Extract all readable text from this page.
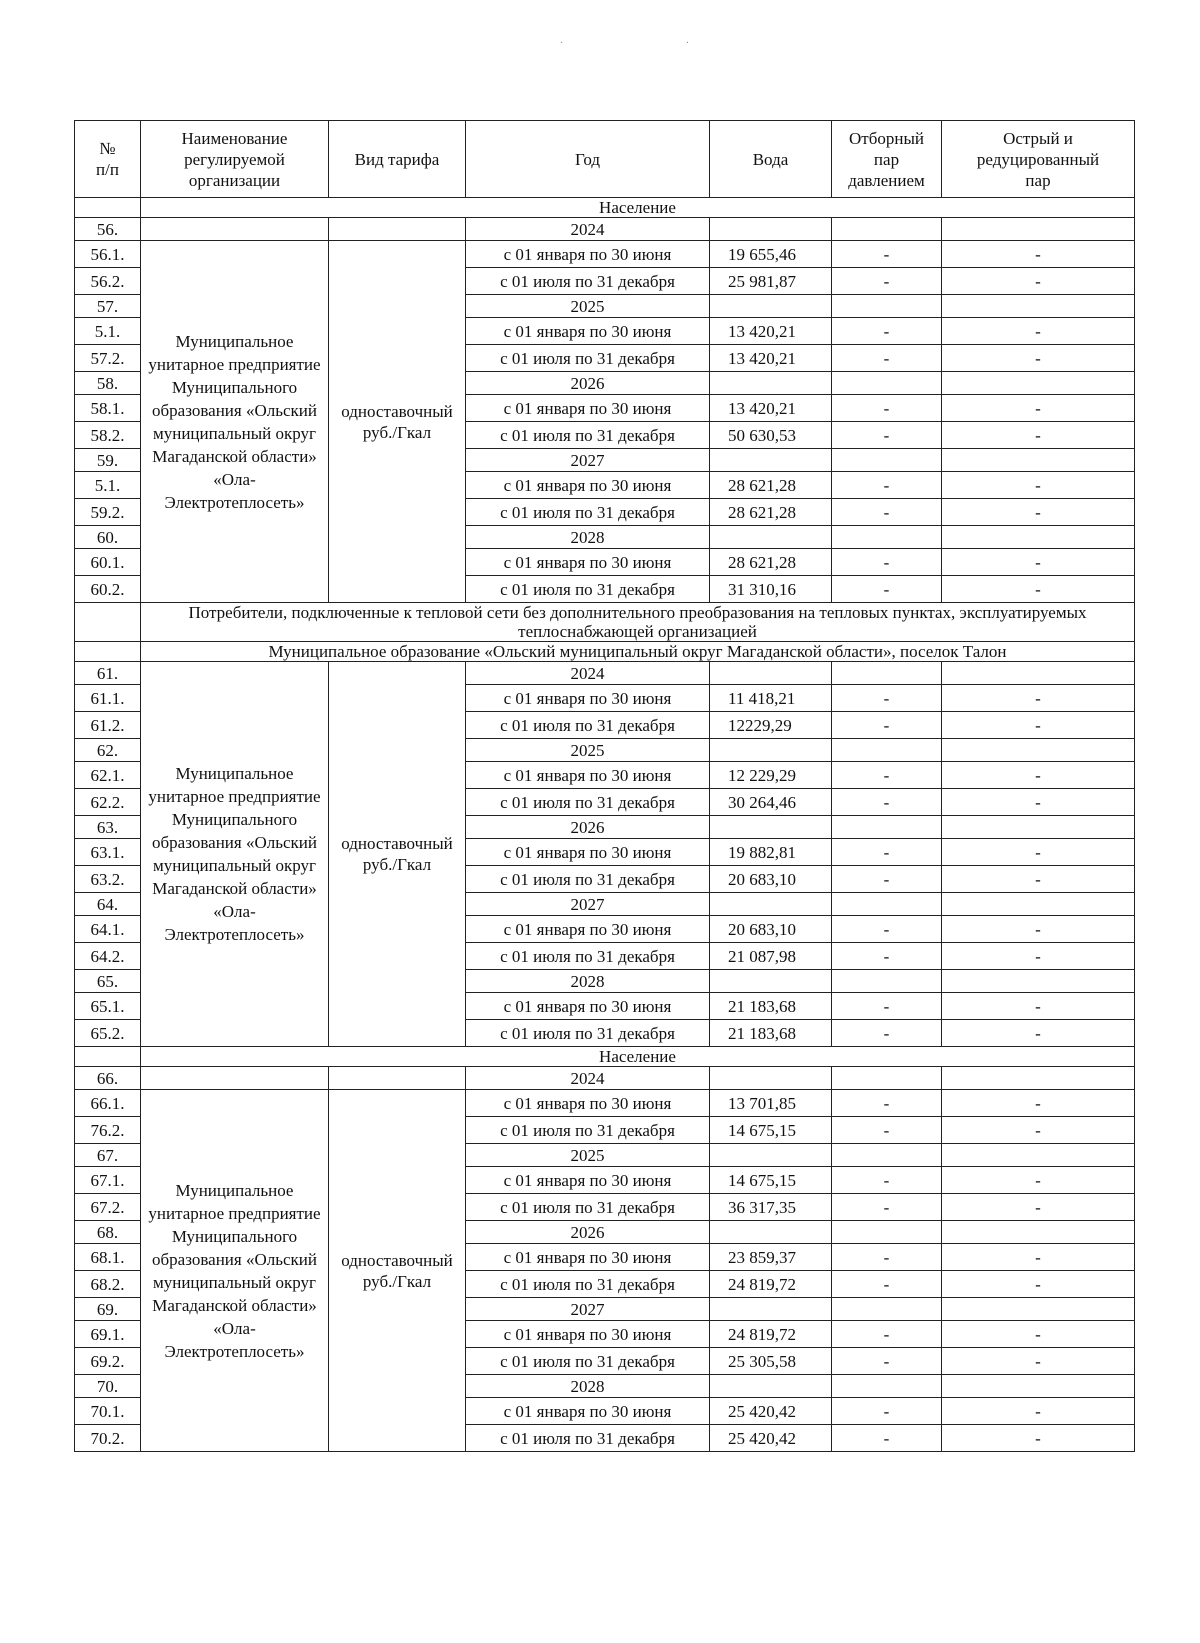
· ·
№
п/п	Наименование
регулируемой
организации	Вид тарифа	Год	Вода	Отборный
пар
давлением	Острый и
редуцированный
пар
	Население					
56.			2024			
56.1.	Муниципальное унитарное предприятие Муниципального образования «Ольский муниципальный округ Магаданской области» «Ола-Электротеплосеть»	одноставочный руб./Гкал	с 01 января по 30 июня	19 655,46	-	-
56.2.			с 01 июля по 31 декабря	25 981,87	-	-
57.			2025			
5.1.			с 01 января по 30 июня	13 420,21	-	-
57.2.			с 01 июля по 31 декабря	13 420,21	-	-
58.			2026			
58.1.			с 01 января по 30 июня	13 420,21	-	-
58.2.			с 01 июля по 31 декабря	50 630,53	-	-
59.			2027			
5.1.			с 01 января по 30 июня	28 621,28	-	-
59.2.			с 01 июля по 31 декабря	28 621,28	-	-
60.			2028			
60.1.			с 01 января по 30 июня	28 621,28	-	-
60.2.			с 01 июля по 31 декабря	31 310,16	-	-
	Потребители, подключенные к тепловой сети без дополнительного преобразования на тепловых пунктах, эксплуатируемых теплоснабжающей организацией					
	Муниципальное образование «Ольский муниципальный округ Магаданской области», поселок Талон					
61.	Муниципальное унитарное предприятие Муниципального образования «Ольский муниципальный округ Магаданской области» «Ола-Электротеплосеть»	одноставочный руб./Гкал	2024			
61.1.			с 01 января по 30 июня	11 418,21	-	-
61.2.			с 01 июля по 31 декабря	12229,29	-	-
62.			2025			
62.1.			с 01 января по 30 июня	12 229,29	-	-
62.2.			с 01 июля по 31 декабря	30 264,46	-	-
63.			2026			
63.1.			с 01 января по 30 июня	19 882,81	-	-
63.2.			с 01 июля по 31 декабря	20 683,10	-	-
64.			2027			
64.1.			с 01 января по 30 июня	20 683,10	-	-
64.2.			с 01 июля по 31 декабря	21 087,98	-	-
65.			2028			
65.1.			с 01 января по 30 июня	21 183,68	-	-
65.2.			с 01 июля по 31 декабря	21 183,68	-	-
	Население					
66.			2024			
66.1.	Муниципальное унитарное предприятие Муниципального образования «Ольский муниципальный округ Магаданской области» «Ола-Электротеплосеть»	одноставочный руб./Гкал	с 01 января по 30 июня	13 701,85	-	-
76.2.			с 01 июля по 31 декабря	14 675,15	-	-
67.			2025			
67.1.			с 01 января по 30 июня	14 675,15	-	-
67.2.			с 01 июля по 31 декабря	36 317,35	-	-
68.			2026			
68.1.			с 01 января по 30 июня	23 859,37	-	-
68.2.			с 01 июля по 31 декабря	24 819,72	-	-
69.			2027			
69.1.			с 01 января по 30 июня	24 819,72	-	-
69.2.			с 01 июля по 31 декабря	25 305,58	-	-
70.			2028			
70.1.			с 01 января по 30 июня	25 420,42	-	-
70.2.			с 01 июля по 31 декабря	25 420,42	-	-
